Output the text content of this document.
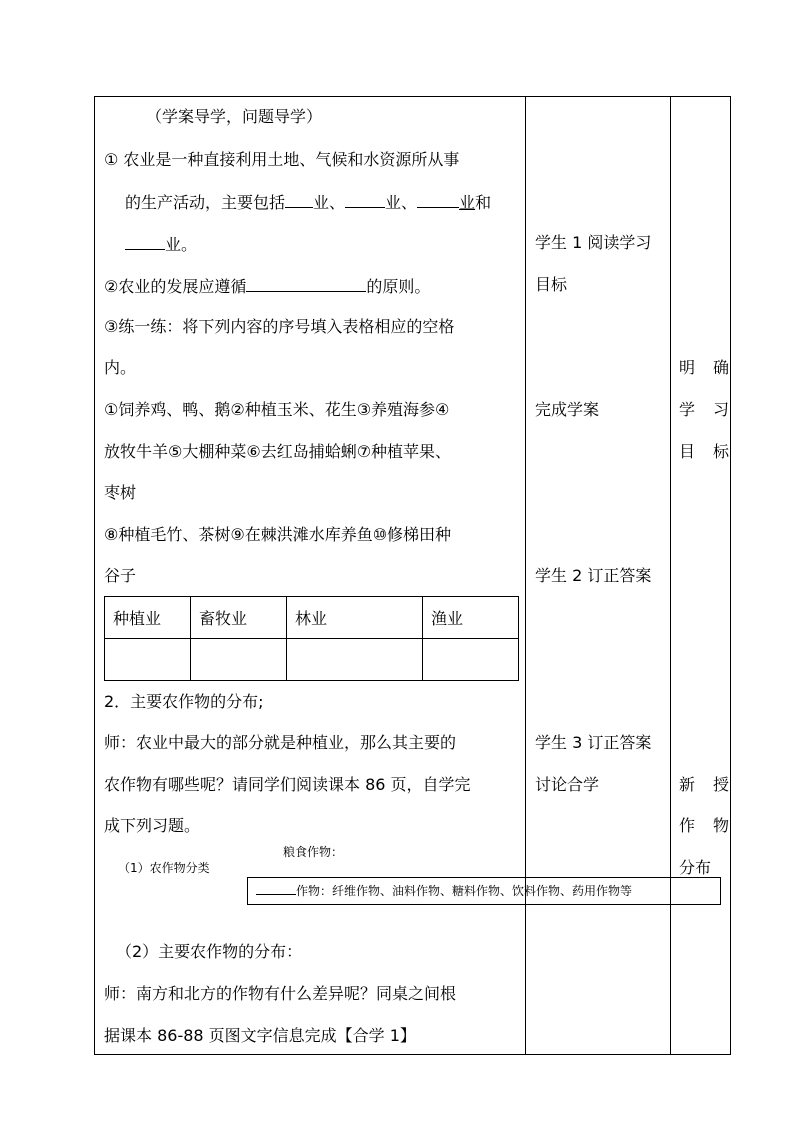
（学案导学，问题导学）
① 农业是一种直接利用土地、气候和水资源所从事
的生产活动，主要包括 业、	业、	业和
业。
②农业的发展应遵循	的原则。
③练一练：将下列内容的序号填入表格相应的空格
内。
①饲养鸡、鸭、鹅②种植玉米、花生③养殖海参④
放牧牛羊⑤大棚种菜⑥去红岛捕蛤蜊⑦种植苹果、
枣树
⑧种植毛竹、茶树⑨在棘洪滩水库养鱼⑩修梯田种
谷子
种植业	畜牧业	林业	渔业

2．主要农作物的分布;
师：农业中最大的部分就是种植业，那么其主要的
农作物有哪些呢？请同学们阅读课本 86 页，自学完
成下列习题。
粮食作物：
（1）农作物分类
作物：纤维作物、油料作物、糖料作物、饮料作物、药用作物等
（2）主要农作物的分布：
师：南方和北方的作物有什么差异呢？同桌之间根
据课本 86-88 页图文字信息完成【合学 1】
学生 1 阅读学习
目标
完成学案
学生 2 订正答案
学生 3 订正答案
讨论合学
明确
学习
目标
新授
作物
分布
